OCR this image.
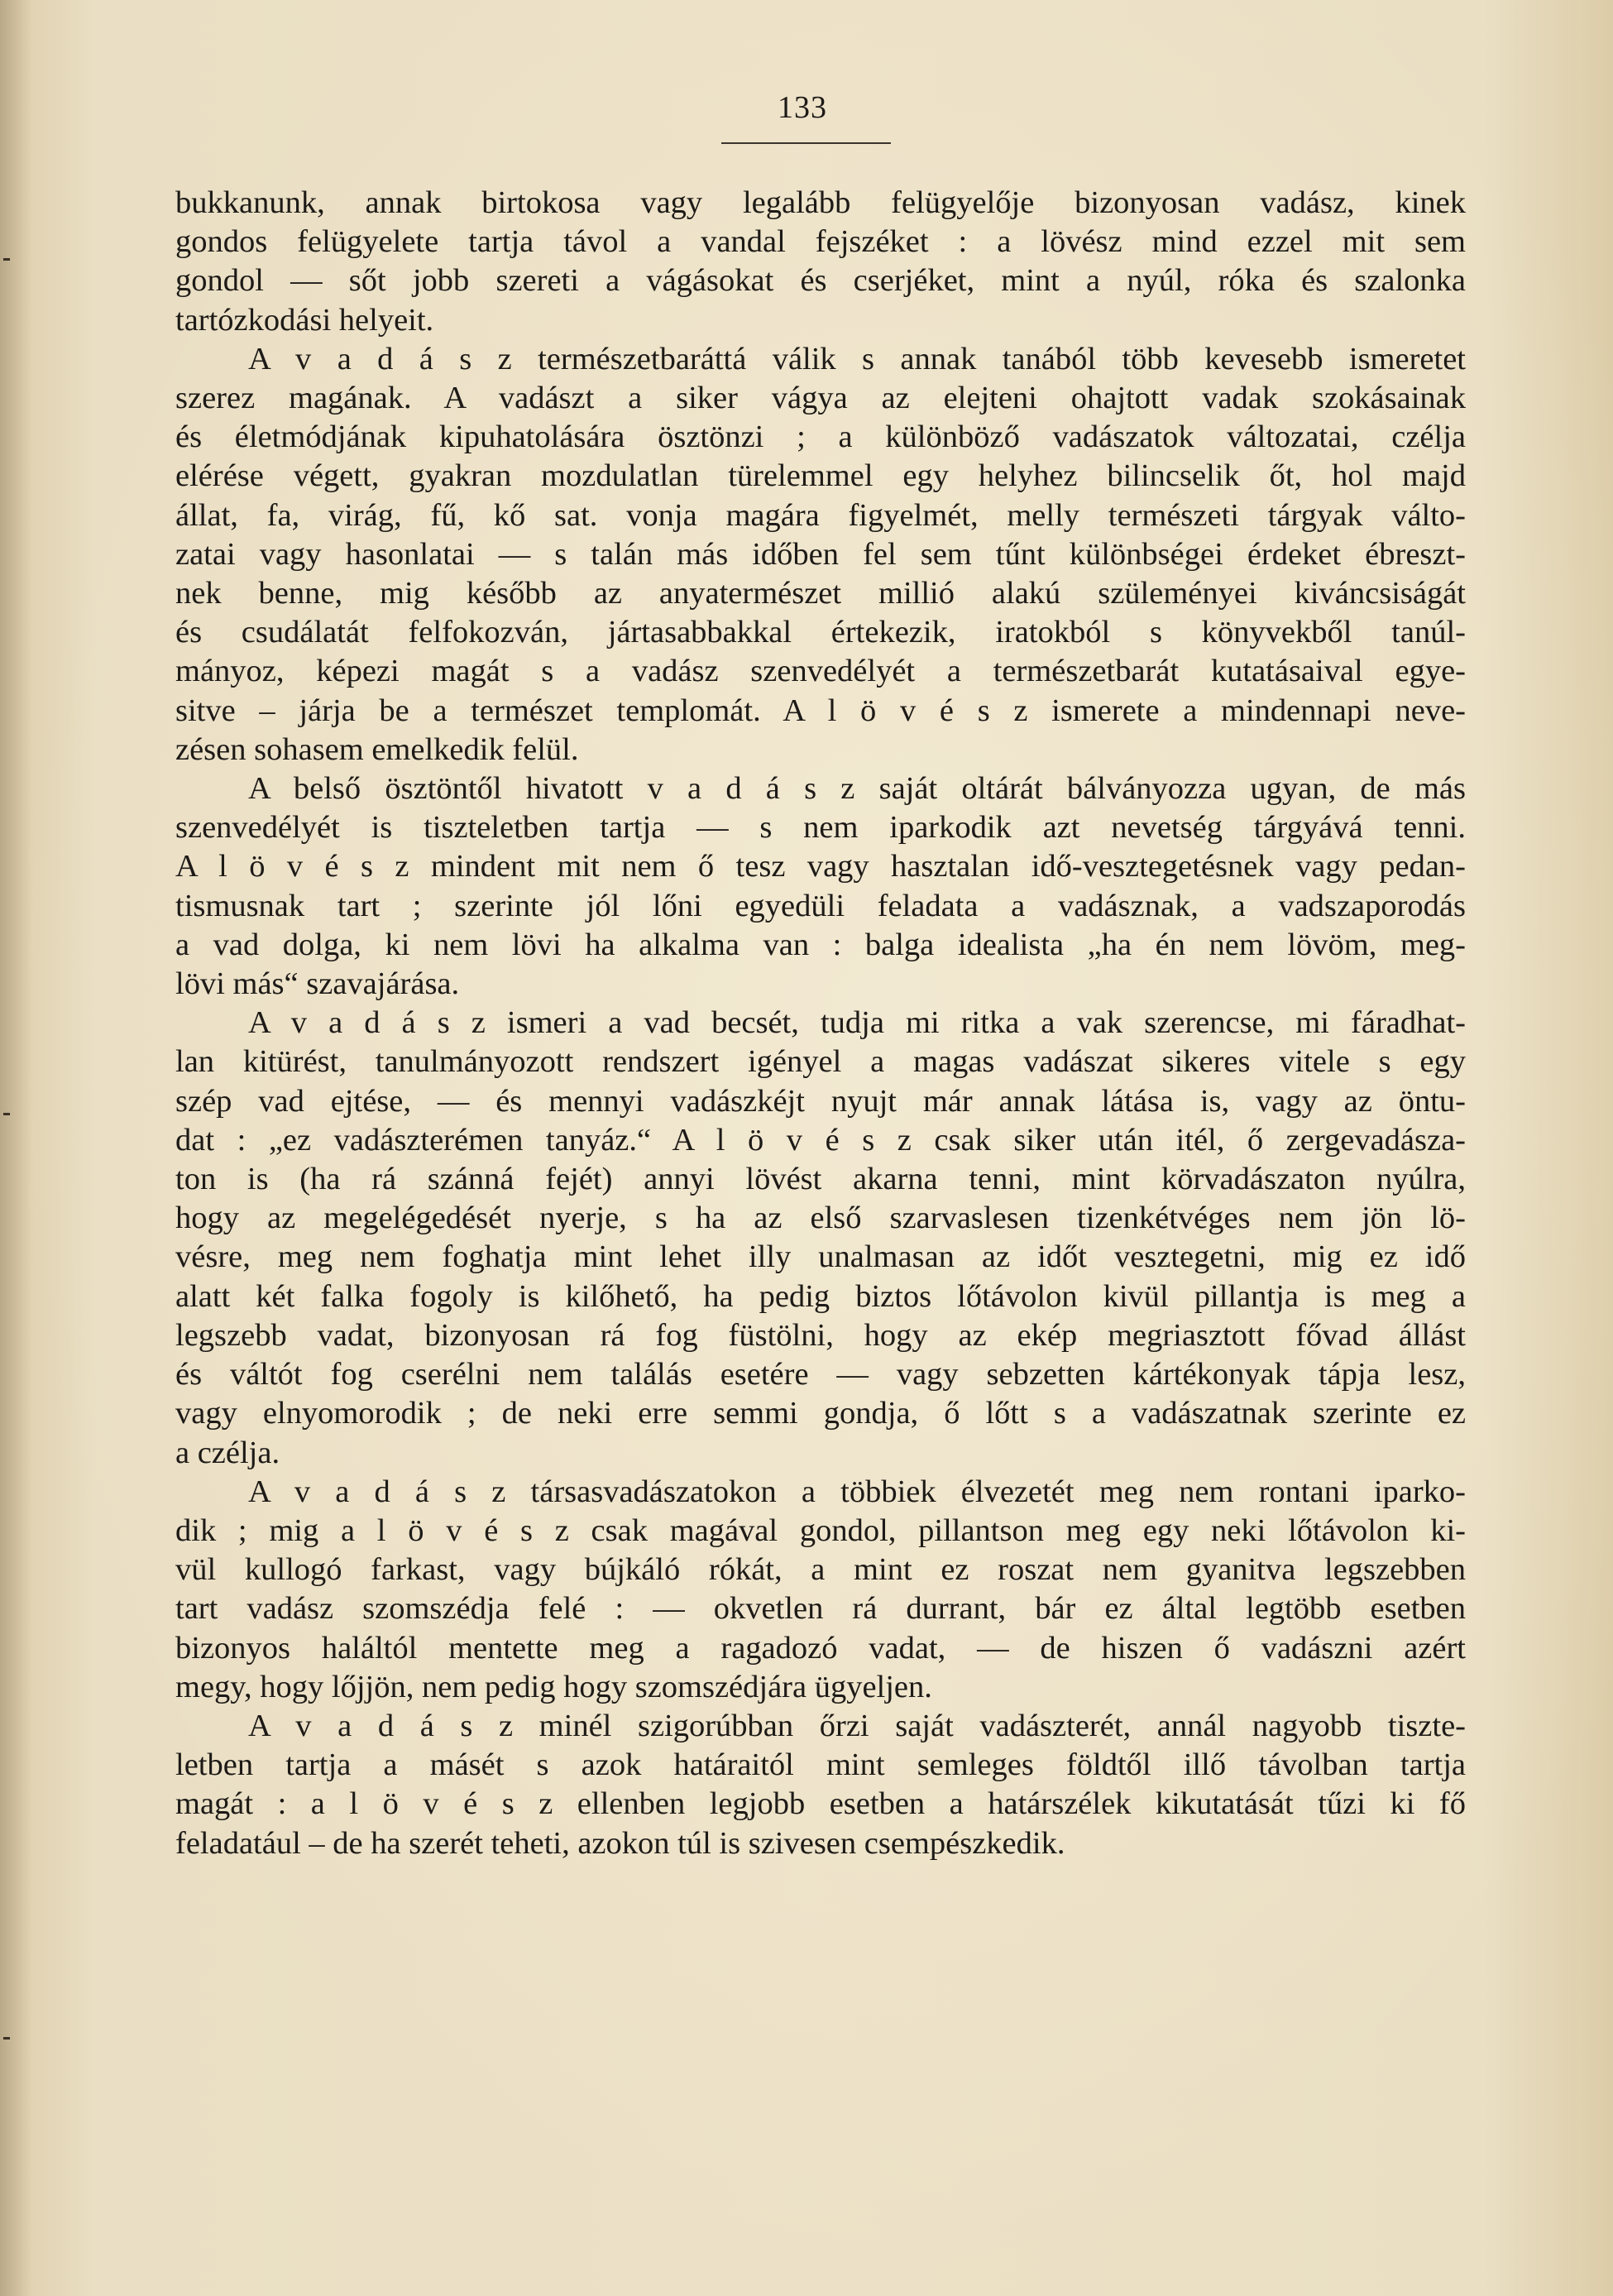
133
bukkanunk, annak birtokosa vagy legalább felügyelője bizonyosan vadász, kinek
gondos felügyelete tartja távol a vandal fejszéket : a lövész mind ezzel mit sem
gondol — sőt jobb szereti a vágásokat és cserjéket, mint a nyúl, róka és szalonka
tartózkodási helyeit.
A v a d á s z természetbaráttá válik s annak tanából több kevesebb ismeretet
szerez magának. A vadászt a siker vágya az elejteni ohajtott vadak szokásainak
és életmódjának kipuhatolására ösztönzi ; a különböző vadászatok változatai, czélja
elérése végett, gyakran mozdulatlan türelemmel egy helyhez bilincselik őt, hol majd
állat, fa, virág, fű, kő sat. vonja magára figyelmét, melly természeti tárgyak válto-
zatai vagy hasonlatai — s talán más időben fel sem tűnt különbségei érdeket ébreszt-
nek benne, mig később az anyatermészet millió alakú szüleményei kiváncsiságát
és csudálatát felfokozván, jártasabbakkal értekezik, iratokból s könyvekből tanúl-
mányoz, képezi magát s a vadász szenvedélyét a természetbarát kutatásaival egye-
sitve – járja be a természet templomát. A l ö v é s z ismerete a mindennapi neve-
zésen sohasem emelkedik felül.
A belső ösztöntől hivatott v a d á s z saját oltárát bálványozza ugyan, de más
szenvedélyét is tiszteletben tartja — s nem iparkodik azt nevetség tárgyává tenni.
A l ö v é s z mindent mit nem ő tesz vagy hasztalan idő-vesztegetésnek vagy pedan-
tismusnak tart ; szerinte jól lőni egyedüli feladata a vadásznak, a vadszaporodás
a vad dolga, ki nem lövi ha alkalma van : balga idealista „ha én nem lövöm, meg-
lövi más“ szavajárása.
A v a d á s z ismeri a vad becsét, tudja mi ritka a vak szerencse, mi fáradhat-
lan kitürést, tanulmányozott rendszert igényel a magas vadászat sikeres vitele s egy
szép vad ejtése, — és mennyi vadászkéjt nyujt már annak látása is, vagy az öntu-
dat : „ez vadászterémen tanyáz.“ A l ö v é s z csak siker után itél, ő zergevadásza-
ton is (ha rá szánná fejét) annyi lövést akarna tenni, mint körvadászaton nyúlra,
hogy az megelégedését nyerje, s ha az első szarvaslesen tizenkétvéges nem jön lö-
vésre, meg nem foghatja mint lehet illy unalmasan az időt vesztegetni, mig ez idő
alatt két falka fogoly is kilőhető, ha pedig biztos lőtávolon kivül pillantja is meg a
legszebb vadat, bizonyosan rá fog füstölni, hogy az ekép megriasztott fővad állást
és váltót fog cserélni nem találás esetére — vagy sebzetten kártékonyak tápja lesz,
vagy elnyomorodik ; de neki erre semmi gondja, ő lőtt s a vadászatnak szerinte ez
a czélja.
A v a d á s z társasvadászatokon a többiek élvezetét meg nem rontani iparko-
dik ; mig a l ö v é s z csak magával gondol, pillantson meg egy neki lőtávolon ki-
vül kullogó farkast, vagy bújkáló rókát, a mint ez roszat nem gyanitva legszebben
tart vadász szomszédja felé : — okvetlen rá durrant, bár ez által legtöbb esetben
bizonyos haláltól mentette meg a ragadozó vadat, — de hiszen ő vadászni azért
megy, hogy lőjjön, nem pedig hogy szomszédjára ügyeljen.
A v a d á s z minél szigorúbban őrzi saját vadászterét, annál nagyobb tiszte-
letben tartja a másét s azok határaitól mint semleges földtől illő távolban tartja
magát : a l ö v é s z ellenben legjobb esetben a határszélek kikutatását tűzi ki fő
feladatául – de ha szerét teheti, azokon túl is szivesen csempészkedik.
